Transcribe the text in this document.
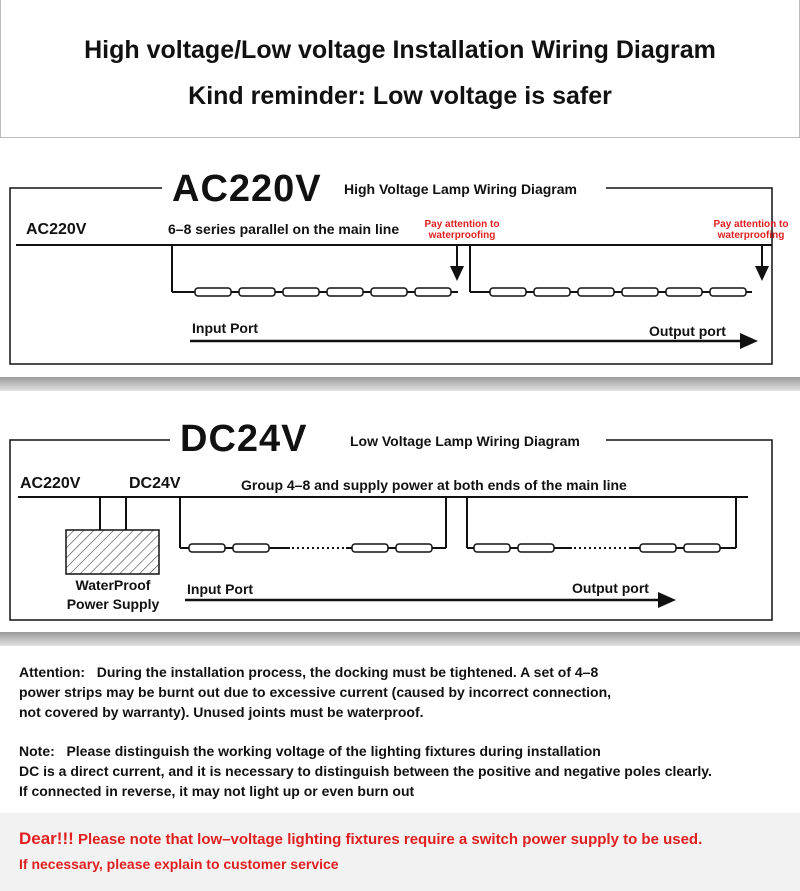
High voltage/Low voltage Installation Wiring Diagram
Kind reminder: Low voltage is safer
AC220V High Voltage Lamp Wiring Diagram
AC220V	6–8 series parallel on the main line	Pay attention to
waterproofing
Pay attention to
waterproofing
Input Port	Output port
DC24V	Low Voltage Lamp Wiring Diagram
AC220V	DC24V	Group 4–8 and supply power at both ends of the main line
WaterProof
Power Supply
Input Port	Output port
Attention: During the installation process, the docking must be tightened. A set of 4–8
power strips may be burnt out due to excessive current (caused by incorrect connection,
not covered by warranty). Unused joints must be waterproof.
Note: Please distinguish the working voltage of the lighting fixtures during installation
DC is a direct current, and it is necessary to distinguish between the positive and negative poles clearly.
If connected in reverse, it may not light up or even burn out
Dear!!! Please note that low–voltage lighting fixtures require a switch power supply to be used.
If necessary, please explain to customer service
